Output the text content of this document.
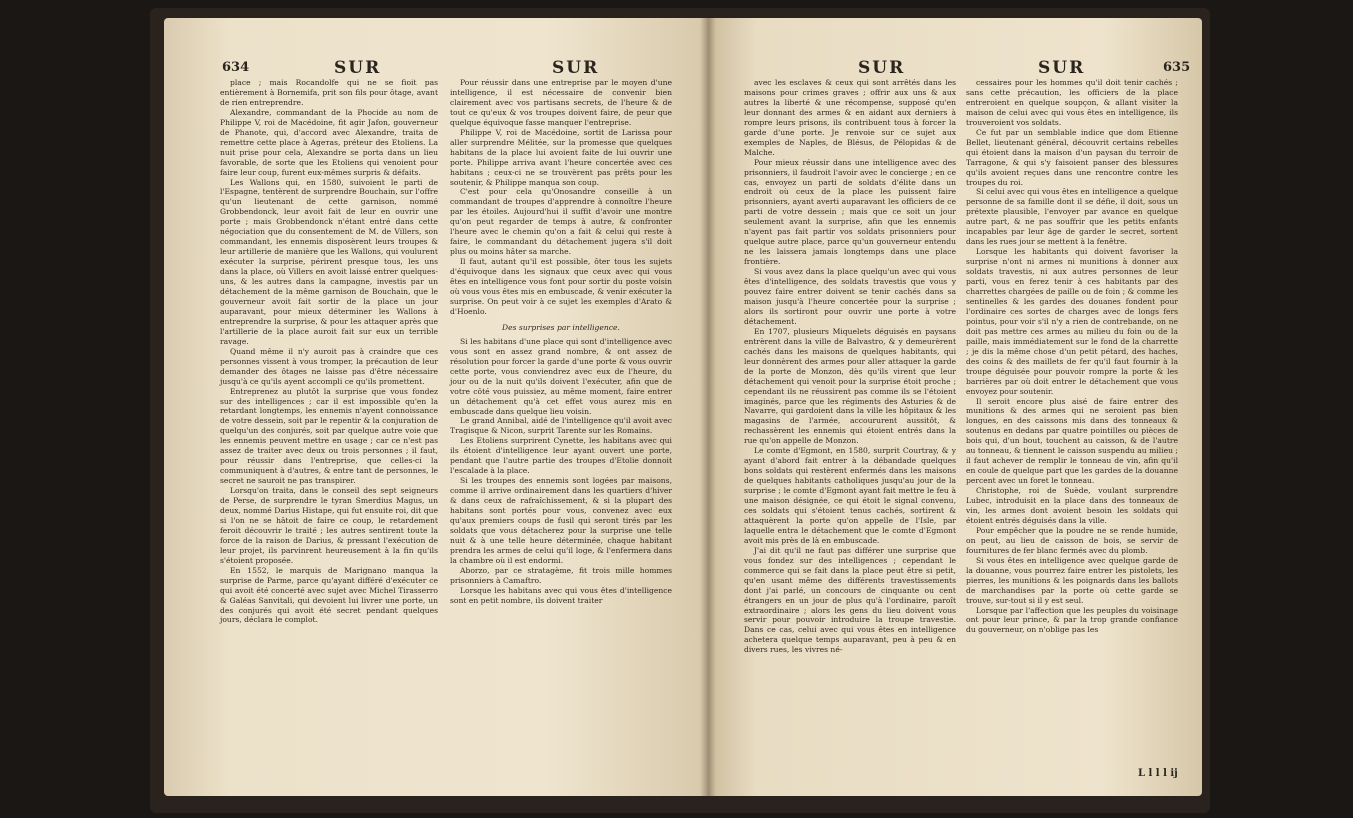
634	SUR

place ; mais Rocandolfe qui ne se fioit pas entièrement à Bornemifa, prit son fils pour ôtage, avant de rien entreprendre.

Alexandre, commandant de la Phocide au nom de Philippe V, roi de Macédoine, fit agir Jafon, gouverneur de Phanote, qui, d'accord avec Alexandre, traita de remettre cette place à Ageтas, préteur des Etoliens. La nuit prise pour cela, Alexandre se porta dans un lieu favorable, de sorte que les Etoliens qui venoient pour faire leur coup, furent eux-mêmes surpris & défaits.

Les Wallons qui, en 1580, suivoient le parti de l'Espagne, tentèrent de surprendre Bouchain, sur l'offre qu'un lieutenant de cette garnison, nommé Grobbendonck, leur avoit fait de leur en ouvrir une porte ; mais Grobbendonck n'étant entré dans cette négociation que du consentement de M. de Villers, son commandant, les ennemis disposèrent leurs troupes & leur artillerie de manière que les Wallons, qui voulurent exécuter la surprise, périrent presque tous, les uns dans la place, où Villers en avoit laissé entrer quelques-uns, & les autres dans la campagne, investis par un détachement de la même garnison de Bouchain, que le gouverneur avoit fait sortir de la place un jour auparavant, pour mieux déterminer les Wallons à entreprendre la surprise, & pour les attaquer après que l'artillerie de la place auroit fait sur eux un terrible ravage.

Quand même il n'y auroit pas à craindre que ces personnes vissent à vous tromper, la précaution de leur demander des ôtages ne laisse pas d'être nécessaire jusqu'à ce qu'ils ayent accompli ce qu'ils promettent.

Entreprenez au plutôt la surprise que vous fondez sur des intelligences ; car il est impossible qu'en la retardant longtemps, les ennemis n'ayent connoissance de votre dessein, soit par le repentir & la conjuration de quelqu'un des conjurés, soit par quelque autre voie que les ennemis peuvent mettre en usage ; car ce n'est pas assez de traiter avec deux ou trois personnes ; il faut, pour réussir dans l'entreprise, que celles-ci la communiquent à d'autres, & entre tant de personnes, le secret ne sauroit ne pas transpirer.

Lorsqu'on traita, dans le conseil des sept seigneurs de Perse, de surprendre le tyran Smerdius Magus, un deux, nommé Darius Histape, qui fut ensuite roi, dit que si l'on ne se hâtoit de faire ce coup, le retardement feroit découvrir le traité ; les autres sentirent toute la force de la raison de Darius, & pressant l'exécution de leur projet, ils parvinrent heureusement à la fin qu'ils s'étoient proposée.

En 1552, le marquis de Marignano manqua la surprise de Parme, parce qu'ayant différé d'exécuter ce qui avoit été concerté avec sujet avec Michel Tirasserro & Galéas Sanvitali, qui devoient lui livrer une porte, un des conjurés qui avoit été secret pendant quelques jours, déclara le complot.

SUR

Pour réussir dans une entreprise par le moyen d'une intelligence, il est nécessaire de convenir bien clairement avec vos partisans secrets, de l'heure & de tout ce qu'eux & vos troupes doivent faire, de peur que quelque équivoque fasse manquer l'entreprise.

Philippe V, roi de Macédoine, sortit de Larissa pour aller surprendre Mélitée, sur la promesse que quelques habitans de la place lui avoient faite de lui ouvrir une porte. Philippe arriva avant l'heure concertée avec ces habitans ; ceux-ci ne se trouvèrent pas prêts pour les soutenir, & Philippe manqua son coup.

C'est pour cela qu'Onosandre conseille à un commandant de troupes d'apprendre à connoître l'heure par les étoiles. Aujourd'hui il suffit d'avoir une montre qu'on peut regarder de temps à autre, & confronter l'heure avec le chemin qu'on a fait & celui qui reste à faire, le commandant du détachement jugera s'il doit plus ou moins hâter sa marche.

Il faut, autant qu'il est possible, ôter tous les sujets d'équivoque dans les signaux que ceux avec qui vous êtes en intelligence vous font pour sortir du poste voisin où vous vous êtes mis en embuscade, & venir exécuter la surprise. On peut voir à ce sujet les exemples d'Arato & d'Hoenlo.

Des surprises par intelligence.

Si les habitans d'une place qui sont d'intelligence avec vous sont en assez grand nombre, & ont assez de résolution pour forcer la garde d'une porte & vous ouvrir cette porte, vous conviendrez avec eux de l'heure, du jour ou de la nuit qu'ils doivent l'exécuter, afin que de votre côté vous puissiez, au même moment, faire entrer un détachement qu'à cet effet vous aurez mis en embuscade dans quelque lieu voisin.

Le grand Annibal, aidé de l'intelligence qu'il avoit avec Tragisque & Nicon, surprit Tarente sur les Romains.

Les Etoliens surprirent Cynette, les habitans avec qui ils étoient d'intelligence leur ayant ouvert une porte, pendant que l'autre partie des troupes d'Etolie donnoit l'escalade à la place.

Si les troupes des ennemis sont logées par maisons, comme il arrive ordinairement dans les quartiers d'hiver & dans ceux de rafraîchissement, & si la plupart des habitans sont portés pour vous, convenez avec eux qu'aux premiers coups de fusil qui seront tirés par les soldats que vous détacherez pour la surprise une telle nuit & à une telle heure déterminée, chaque habitant prendra les armes de celui qu'il loge, & l'enfermera dans la chambre où il est endormi.

Aborzo, par ce stratagème, fit trois mille hommes prisonniers à Camaftro.

Lorsque les habitans avec qui vous êtes d'intelligence sont en petit nombre, ils doivent traiter

SUR	SUR	635

avec les esclaves & ceux qui sont arrêtés dans les maisons pour crimes graves ; offrir aux uns & aux autres la liberté & une récompense, supposé qu'en leur donnant des armes & en aidant aux derniers à rompre leurs prisons, ils contribuent tous à forcer la garde d'une porte. Je renvoie sur ce sujet aux exemples de Naples, de Blésus, de Pélopidas & de Malche.

Pour mieux réussir dans une intelligence avec des prisonniers, il faudroit l'avoir avec le concierge ; en ce cas, envoyez un parti de soldats d'élite dans un endroit où ceux de la place les puissent faire prisonniers, ayant averti auparavant les officiers de ce parti de votre dessein ; mais que ce soit un jour seulement avant la surprise, afin que les ennemis n'ayent pas fait partir vos soldats prisonniers pour quelque autre place, parce qu'un gouverneur entendu ne les laissera jamais longtemps dans une place frontière.

Si vous avez dans la place quelqu'un avec qui vous êtes d'intelligence, des soldats travestis que vous y pouvez faire entrer doivent se tenir cachés dans sa maison jusqu'à l'heure concertée pour la surprise ; alors ils sortiront pour ouvrir une porte à votre détachement.

En 1707, plusieurs Miquelets déguisés en paysans entrèrent dans la ville de Balvastro, & y demeurèrent cachés dans les maisons de quelques habitants, qui leur donnèrent des armes pour aller attaquer la garde de la porte de Monzon, dès qu'ils virent que leur détachement qui venoit pour la surprise étoit proche ; cependant ils ne réussirent pas comme ils se l'étoient imaginés, parce que les régiments des Asturies & de Navarre, qui gardoient dans la ville les hôpitaux & les magasins de l'armée, accoururent aussitôt, & rechassèrent les ennemis qui étoient entrés dans la rue qu'on appelle de Monzon.

Le comte d'Egmont, en 1580, surprit Courtray, & y ayant d'abord fait entrer à la débandade quelques bons soldats qui restèrent enfermés dans les maisons de quelques habitants catholiques jusqu'au jour de la surprise ; le comte d'Egmont ayant fait mettre le feu à une maison désignée, ce qui étoit le signal convenu, ces soldats qui s'étoient tenus cachés, sortirent & attaquèrent la porte qu'on appelle de l'Isle, par laquelle entra le détachement que le comte d'Egmont avoit mis près de là en embuscade.

J'ai dit qu'il ne faut pas différer une surprise que vous fondez sur des intelligences ; cependant le commerce qui se fait dans la place peut être si petit, qu'en usant même des différents travestissements dont j'ai parlé, un concours de cinquante ou cent étrangers en un jour de plus qu'à l'ordinaire, paroît extraordinaire ; alors les gens du lieu doivent vous servir pour pouvoir introduire la troupe travestie. Dans ce cas, celui avec qui vous êtes en intelligence achetera quelque temps auparavant, peu à peu & en divers rues, les vivres né-

cessaires pour les hommes qu'il doit tenir cachés ; sans cette précaution, les officiers de la place entreroient en quelque soupçon, & allant visiter la maison de celui avec qui vous êtes en intelligence, ils trouveroient vos soldats.

Ce fut par un semblable indice que dom Etienne Bellet, lieutenant général, découvrit certains rebelles qui étoient dans la maison d'un paysan du terroir de Tarragone, & qui s'y faisoient panser des blessures qu'ils avoient reçues dans une rencontre contre les troupes du roi.

Si celui avec qui vous êtes en intelligence a quelque personne de sa famille dont il se défie, il doit, sous un prétexte plausible, l'envoyer par avance en quelque autre part, & ne pas souffrir que les petits enfants incapables par leur âge de garder le secret, sortent dans les rues jour se mettent à la fenêtre.

Lorsque les habitants qui doivent favoriser la surprise n'ont ni armes ni munitions à donner aux soldats travestis, ni aux autres personnes de leur parti, vous en ferez tenir à ces habitants par des charrettes chargées de paille ou de foin ; & comme les sentinelles & les gardes des douanes fondent pour l'ordinaire ces sortes de charges avec de longs fers pointus, pour voir s'il n'y a rien de contrebande, on ne doit pas mettre ces armes au milieu du foin ou de la paille, mais immédiatement sur le fond de la charrette ; je dis la même chose d'un petit pétard, des haches, des coins & des maillets de fer qu'il faut fournir à la troupe déguisée pour pouvoir rompre la porte & les barrières par où doit entrer le détachement que vous envoyez pour soutenir.

Il seroit encore plus aisé de faire entrer des munitions & des armes qui ne seroient pas bien longues, en des caissons mis dans des tonneaux & soutenus en dedans par quatre pointilles ou pièces de bois qui, d'un bout, touchent au caisson, & de l'autre au tonneau, & tiennent le caisson suspendu au milieu ; il faut achever de remplir le tonneau de vin, afin qu'il en coule de quelque part que les gardes de la douanne percent avec un foret le tonneau.

Christophe, roi de Suède, voulant surprendre Lubec, introduisit en la place dans des tonneaux de vin, les armes dont avoient besoin les soldats qui étoient entrés déguisés dans la ville.

Pour empêcher que la poudre ne se rende humide, on peut, au lieu de caisson de bois, se servir de fournitures de fer blanc fermés avec du plomb.

Si vous êtes en intelligence avec quelque garde de la douanne, vous pourrez faire entrer les pistolets, les pierres, les munitions & les poignards dans les ballots de marchandises par la porte où cette garde se trouve, sur-tout si il y est seul.

Lorsque par l'affection que les peuples du voisinage ont pour leur prince, & par la trop grande confiance du gouverneur, on n'oblige pas les

L l l l ij
